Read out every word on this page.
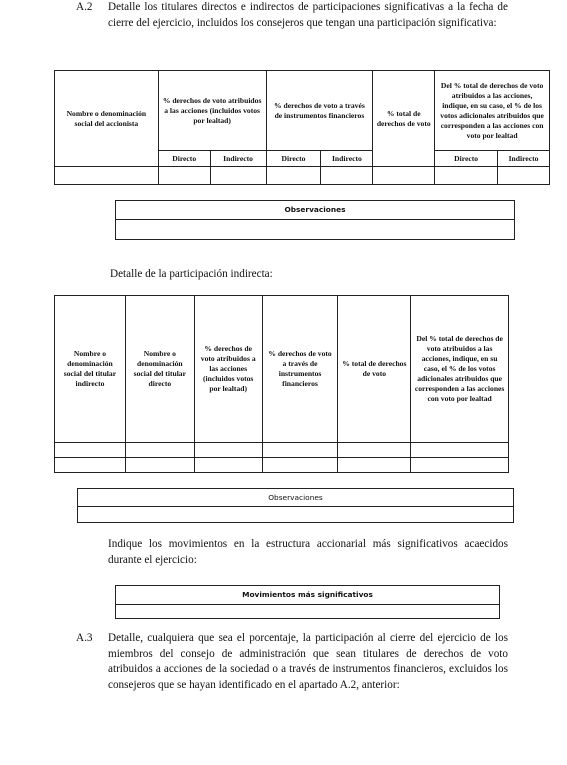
A.2 Detalle los titulares directos e indirectos de participaciones significativas a la fecha de cierre del ejercicio, incluidos los consejeros que tengan una participación significativa:

Nombre o denominación social del accionista	% derechos de voto atribuidos a las acciones (incluidos votos por lealtad)		% derechos de voto a través de instrumentos financieros		% total de derechos de voto	Del % total de derechos de voto atribuidos a las acciones, indique, en su caso, el % de los votos adicionales atribuidos que corresponden a las acciones con voto por lealtad	
	Directo	Indirecto	Directo	Indirecto		Directo	Indirecto

Observaciones

Detalle de la participación indirecta:

Nombre o denominación social del titular indirecto	Nombre o denominación social del titular directo	% derechos de voto atribuidos a las acciones (incluidos votos por lealtad)	% derechos de voto a través de instrumentos financieros	% total de derechos de voto	Del % total de derechos de voto atribuidos a las acciones, indique, en su caso, el % de los votos adicionales atribuidos que corresponden a las acciones con voto por lealtad

Observaciones

Indique los movimientos en la estructura accionarial más significativos acaecidos durante el ejercicio:

Movimientos más significativos

A.3 Detalle, cualquiera que sea el porcentaje, la participación al cierre del ejercicio de los miembros del consejo de administración que sean titulares de derechos de voto atribuidos a acciones de la sociedad o a través de instrumentos financieros, excluidos los consejeros que se hayan identificado en el apartado A.2, anterior:
